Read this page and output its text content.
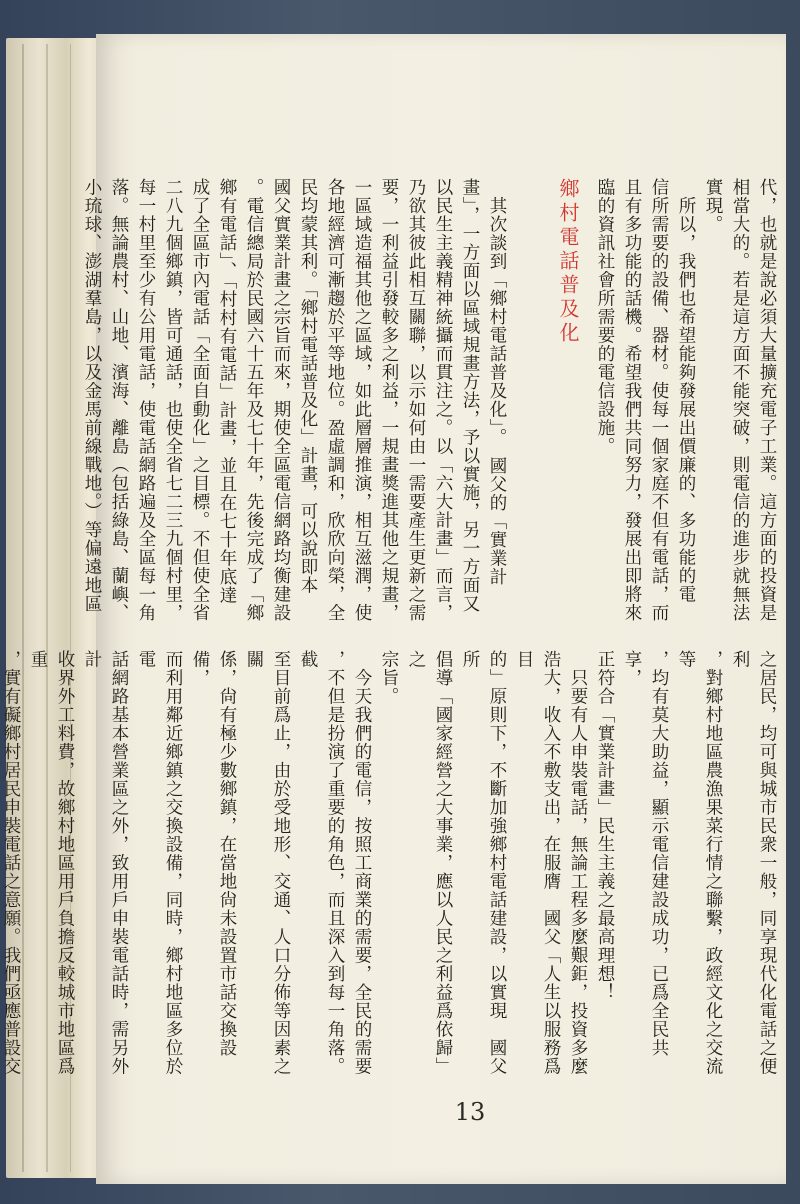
代，也就是說必須大量擴充電子工業。這方面的投資是

相當大的。若是這方面不能突破，則電信的進步就無法

實現。

　所以，我們也希望能夠發展出價廉的、多功能的電

信所需要的設備、器材。使每一個家庭不但有電話，而

且有多功能的話機。希望我們共同努力，發展出即將來

臨的資訊社會所需要的電信設施。

　其次談到「鄉村電話普及化」。　國父的「實業計

畫」，一方面以區域規畫方法，予以實施，另一方面又

以民生主義精神統攝而貫注之。以「六大計畫」而言，

乃欲其彼此相互關聯，以示如何由一需要產生更新之需

要，一利益引發較多之利益，一規畫獎進其他之規畫，

一區域造福其他之區域，如此層層推演，相互滋潤，使

各地經濟可漸趨於平等地位。盈虛調和，欣欣向榮，全

民均蒙其利。「鄉村電話普及化」計畫，可以說即本

國父實業計畫之宗旨而來，期使全區電信網路均衡建設

。電信總局於民國六十五年及七十年，先後完成了「鄉

鄉有電話」、「村村有電話」計畫，並且在七十年底達

成了全區市內電話「全面自動化」之目標。不但使全省

二八九個鄉鎮，皆可通話，也使全省七二三九個村里，

每一村里至少有公用電話，使電話網路遍及全區每一角

落。無論農村、山地、濱海、離島（包括綠島、蘭嶼、

小琉球、澎湖羣島，以及金馬前線戰地。）等偏遠地區	鄉村電話普及化

之居民，均可與城市民衆一般，同享現代化電話之便利

，對鄉村地區農漁果菜行情之聯繫，政經文化之交流等

，均有莫大助益，顯示電信建設成功，已爲全民共享，

正符合「實業計畫」民生主義之最高理想！

　只要有人申裝電話，無論工程多麼艱鉅，投資多麼

浩大，收入不敷支出，在服膺　國父「人生以服務爲目

的」原則下，不斷加強鄉村電話建設，以實現　國父所

倡導「國家經營之大事業，應以人民之利益爲依歸」之

宗旨。

　今天我們的電信，按照工商業的需要，全民的需要

，不但是扮演了重要的角色，而且深入到每一角落。截

至目前爲止，由於受地形、交通、人口分佈等因素之關

係，尙有極少數鄉鎮，在當地尙未設置市話交換設備，

而利用鄰近鄉鎮之交換設備，同時，鄉村地區多位於電

話網路基本營業區之外，致用戶申裝電話時，需另外計

收界外工料費，故鄉村地區用戶負擔反較城市地區爲重

，實有礙鄉村居民申裝電話之意願。我們亟應普設交

13
